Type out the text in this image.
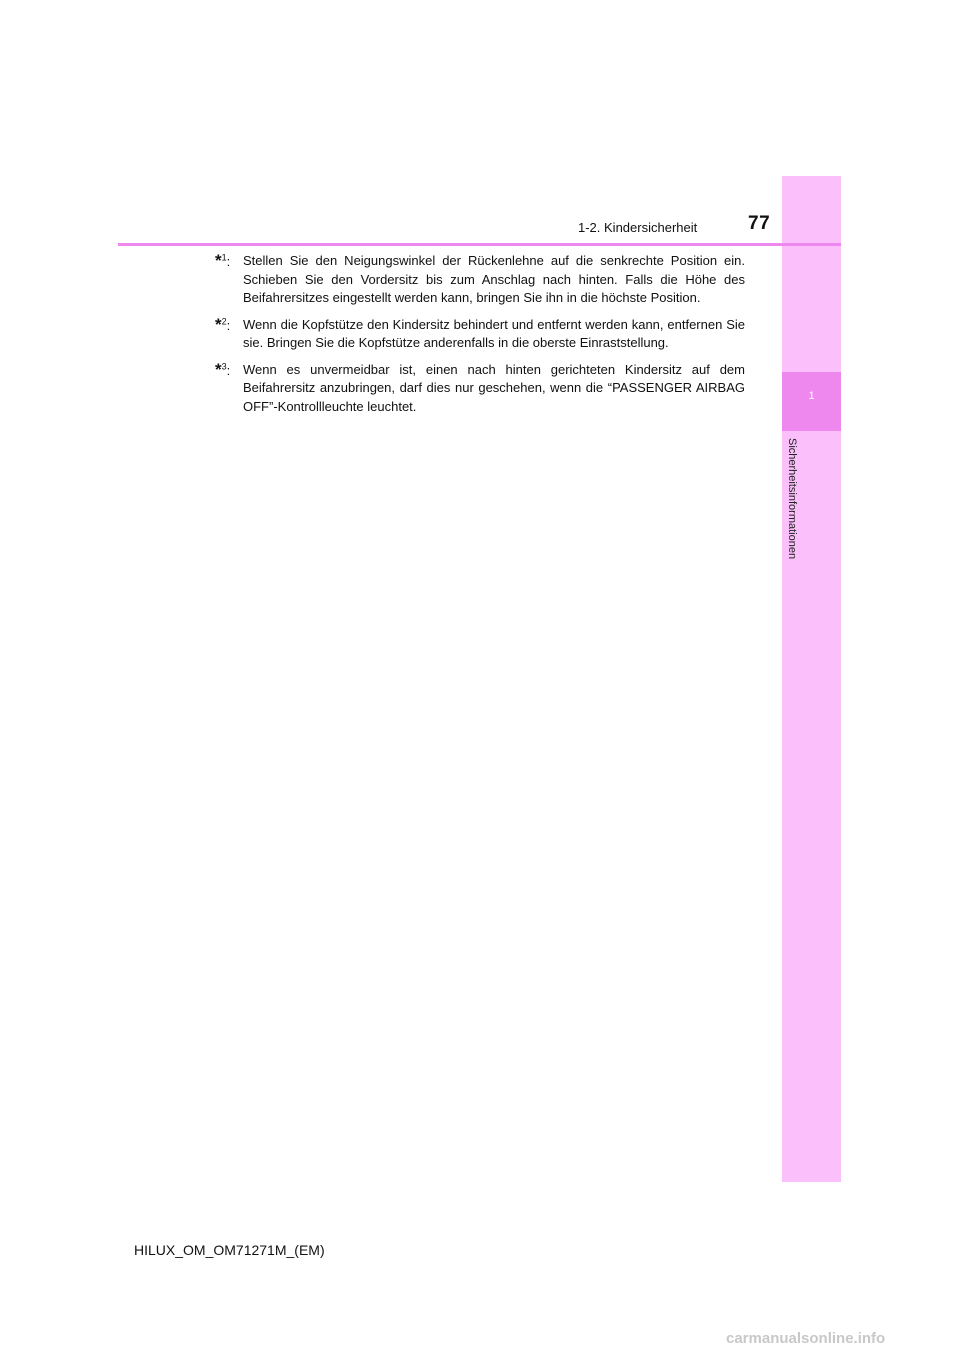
1
Sicherheitsinformationen
1-2. Kindersicherheit	77
*$^1$: Stellen Sie den Neigungswinkel der Rückenlehne auf die senkrechte Position ein. Schieben Sie den Vordersitz bis zum Anschlag nach hinten. Falls die Höhe des Beifahrersitzes eingestellt werden kann, bringen Sie ihn in die höchste Position.
*$^2$: Wenn die Kopfstütze den Kindersitz behindert und entfernt werden kann, entfernen Sie sie. Bringen Sie die Kopfstütze anderenfalls in die oberste Einraststellung.
*$^3$: Wenn es unvermeidbar ist, einen nach hinten gerichteten Kindersitz auf dem Beifahrersitz anzubringen, darf dies nur geschehen, wenn die “PASSENGER AIRBAG OFF”-Kontrollleuchte leuchtet.
HILUX_OM_OM71271M_(EM)
carmanualsonline.info
